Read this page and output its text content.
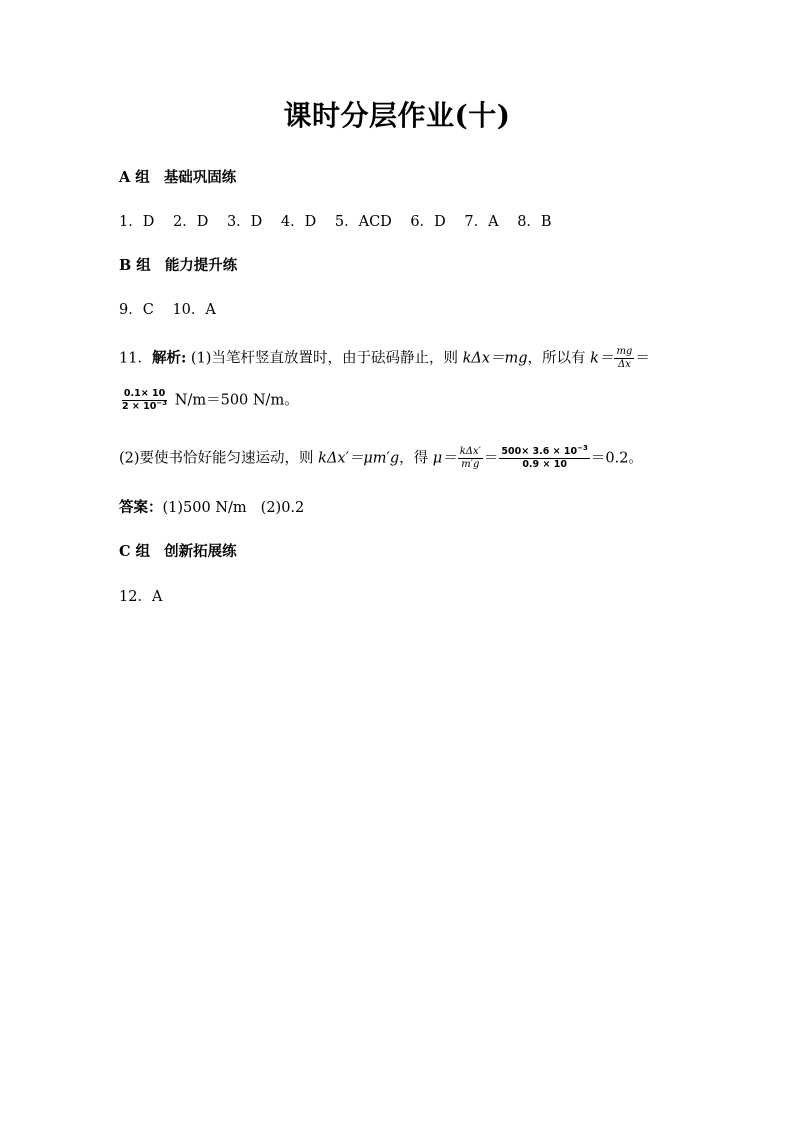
课时分层作业(十)
A 组 基础巩固练
1．D 2．D 3．D 4．D 5．ACD 6．D 7．A 8．B
B 组 能力提升练
9．C 10．A
11．解析: (1)当笔杆竖直放置时，由于砝码静止，则 kΔx＝mg，所以有 $k= \frac{mg}{\Delta x}$ ＝
$\frac{0.1\times 10}{2 \times 10^{-3}} N/m=500$ N/m。
(2)要使书恰好能匀速运动，则 kΔx′＝μm′g，得 $\mu= \frac{\text{kΔx′}}{m'g} = \frac{500\times 3.6 \times 10^{-3}}{0.9 \times 10} =0.2$。
答案：(1)500 N/m (2)0.2
C 组 创新拓展练
12．A
